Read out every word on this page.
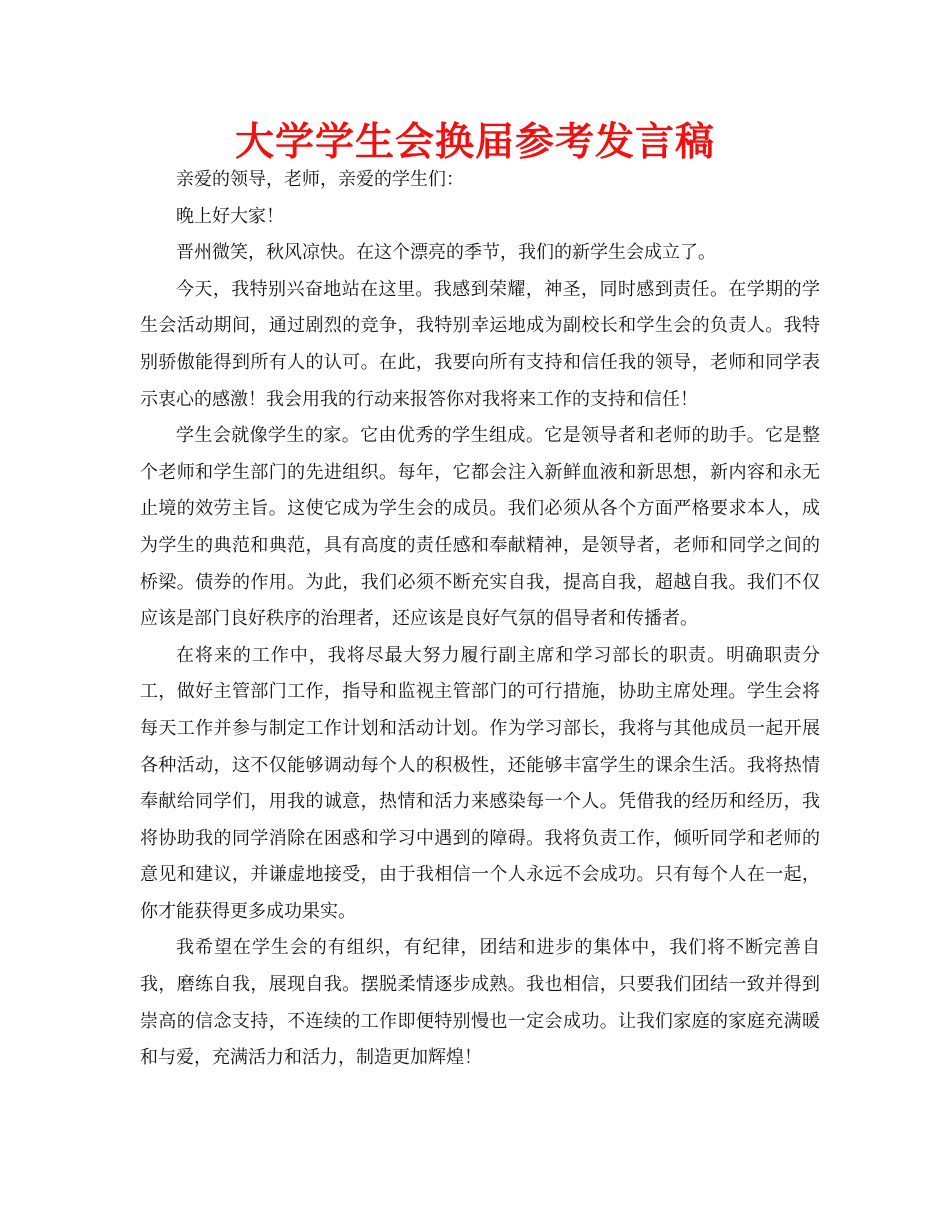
大学学生会换届参考发言稿

亲爱的领导，老师，亲爱的学生们：

晚上好大家！

晋州微笑，秋风凉快。在这个漂亮的季节，我们的新学生会成立了。

今天，我特别兴奋地站在这里。我感到荣耀，神圣，同时感到责任。在学期的学生会活动期间，通过剧烈的竞争，我特别幸运地成为副校长和学生会的负责人。我特别骄傲能得到所有人的认可。在此，我要向所有支持和信任我的领导，老师和同学表示衷心的感激！我会用我的行动来报答你对我将来工作的支持和信任！

学生会就像学生的家。它由优秀的学生组成。它是领导者和老师的助手。它是整个老师和学生部门的先进组织。每年，它都会注入新鲜血液和新思想，新内容和永无止境的效劳主旨。这使它成为学生会的成员。我们必须从各个方面严格要求本人，成为学生的典范和典范，具有高度的责任感和奉献精神，是领导者，老师和同学之间的桥梁。债券的作用。为此，我们必须不断充实自我，提高自我，超越自我。我们不仅应该是部门良好秩序的治理者，还应该是良好气氛的倡导者和传播者。

在将来的工作中，我将尽最大努力履行副主席和学习部长的职责。明确职责分工，做好主管部门工作，指导和监视主管部门的可行措施，协助主席处理。学生会将每天工作并参与制定工作计划和活动计划。作为学习部长，我将与其他成员一起开展各种活动，这不仅能够调动每个人的积极性，还能够丰富学生的课余生活。我将热情奉献给同学们，用我的诚意，热情和活力来感染每一个人。凭借我的经历和经历，我将协助我的同学消除在困惑和学习中遇到的障碍。我将负责工作，倾听同学和老师的意见和建议，并谦虚地接受，由于我相信一个人永远不会成功。只有每个人在一起，你才能获得更多成功果实。

我希望在学生会的有组织，有纪律，团结和进步的集体中，我们将不断完善自我，磨练自我，展现自我。摆脱柔情逐步成熟。我也相信，只要我们团结一致并得到崇高的信念支持，不连续的工作即便特别慢也一定会成功。让我们家庭的家庭充满暖和与爱，充满活力和活力，制造更加辉煌！
